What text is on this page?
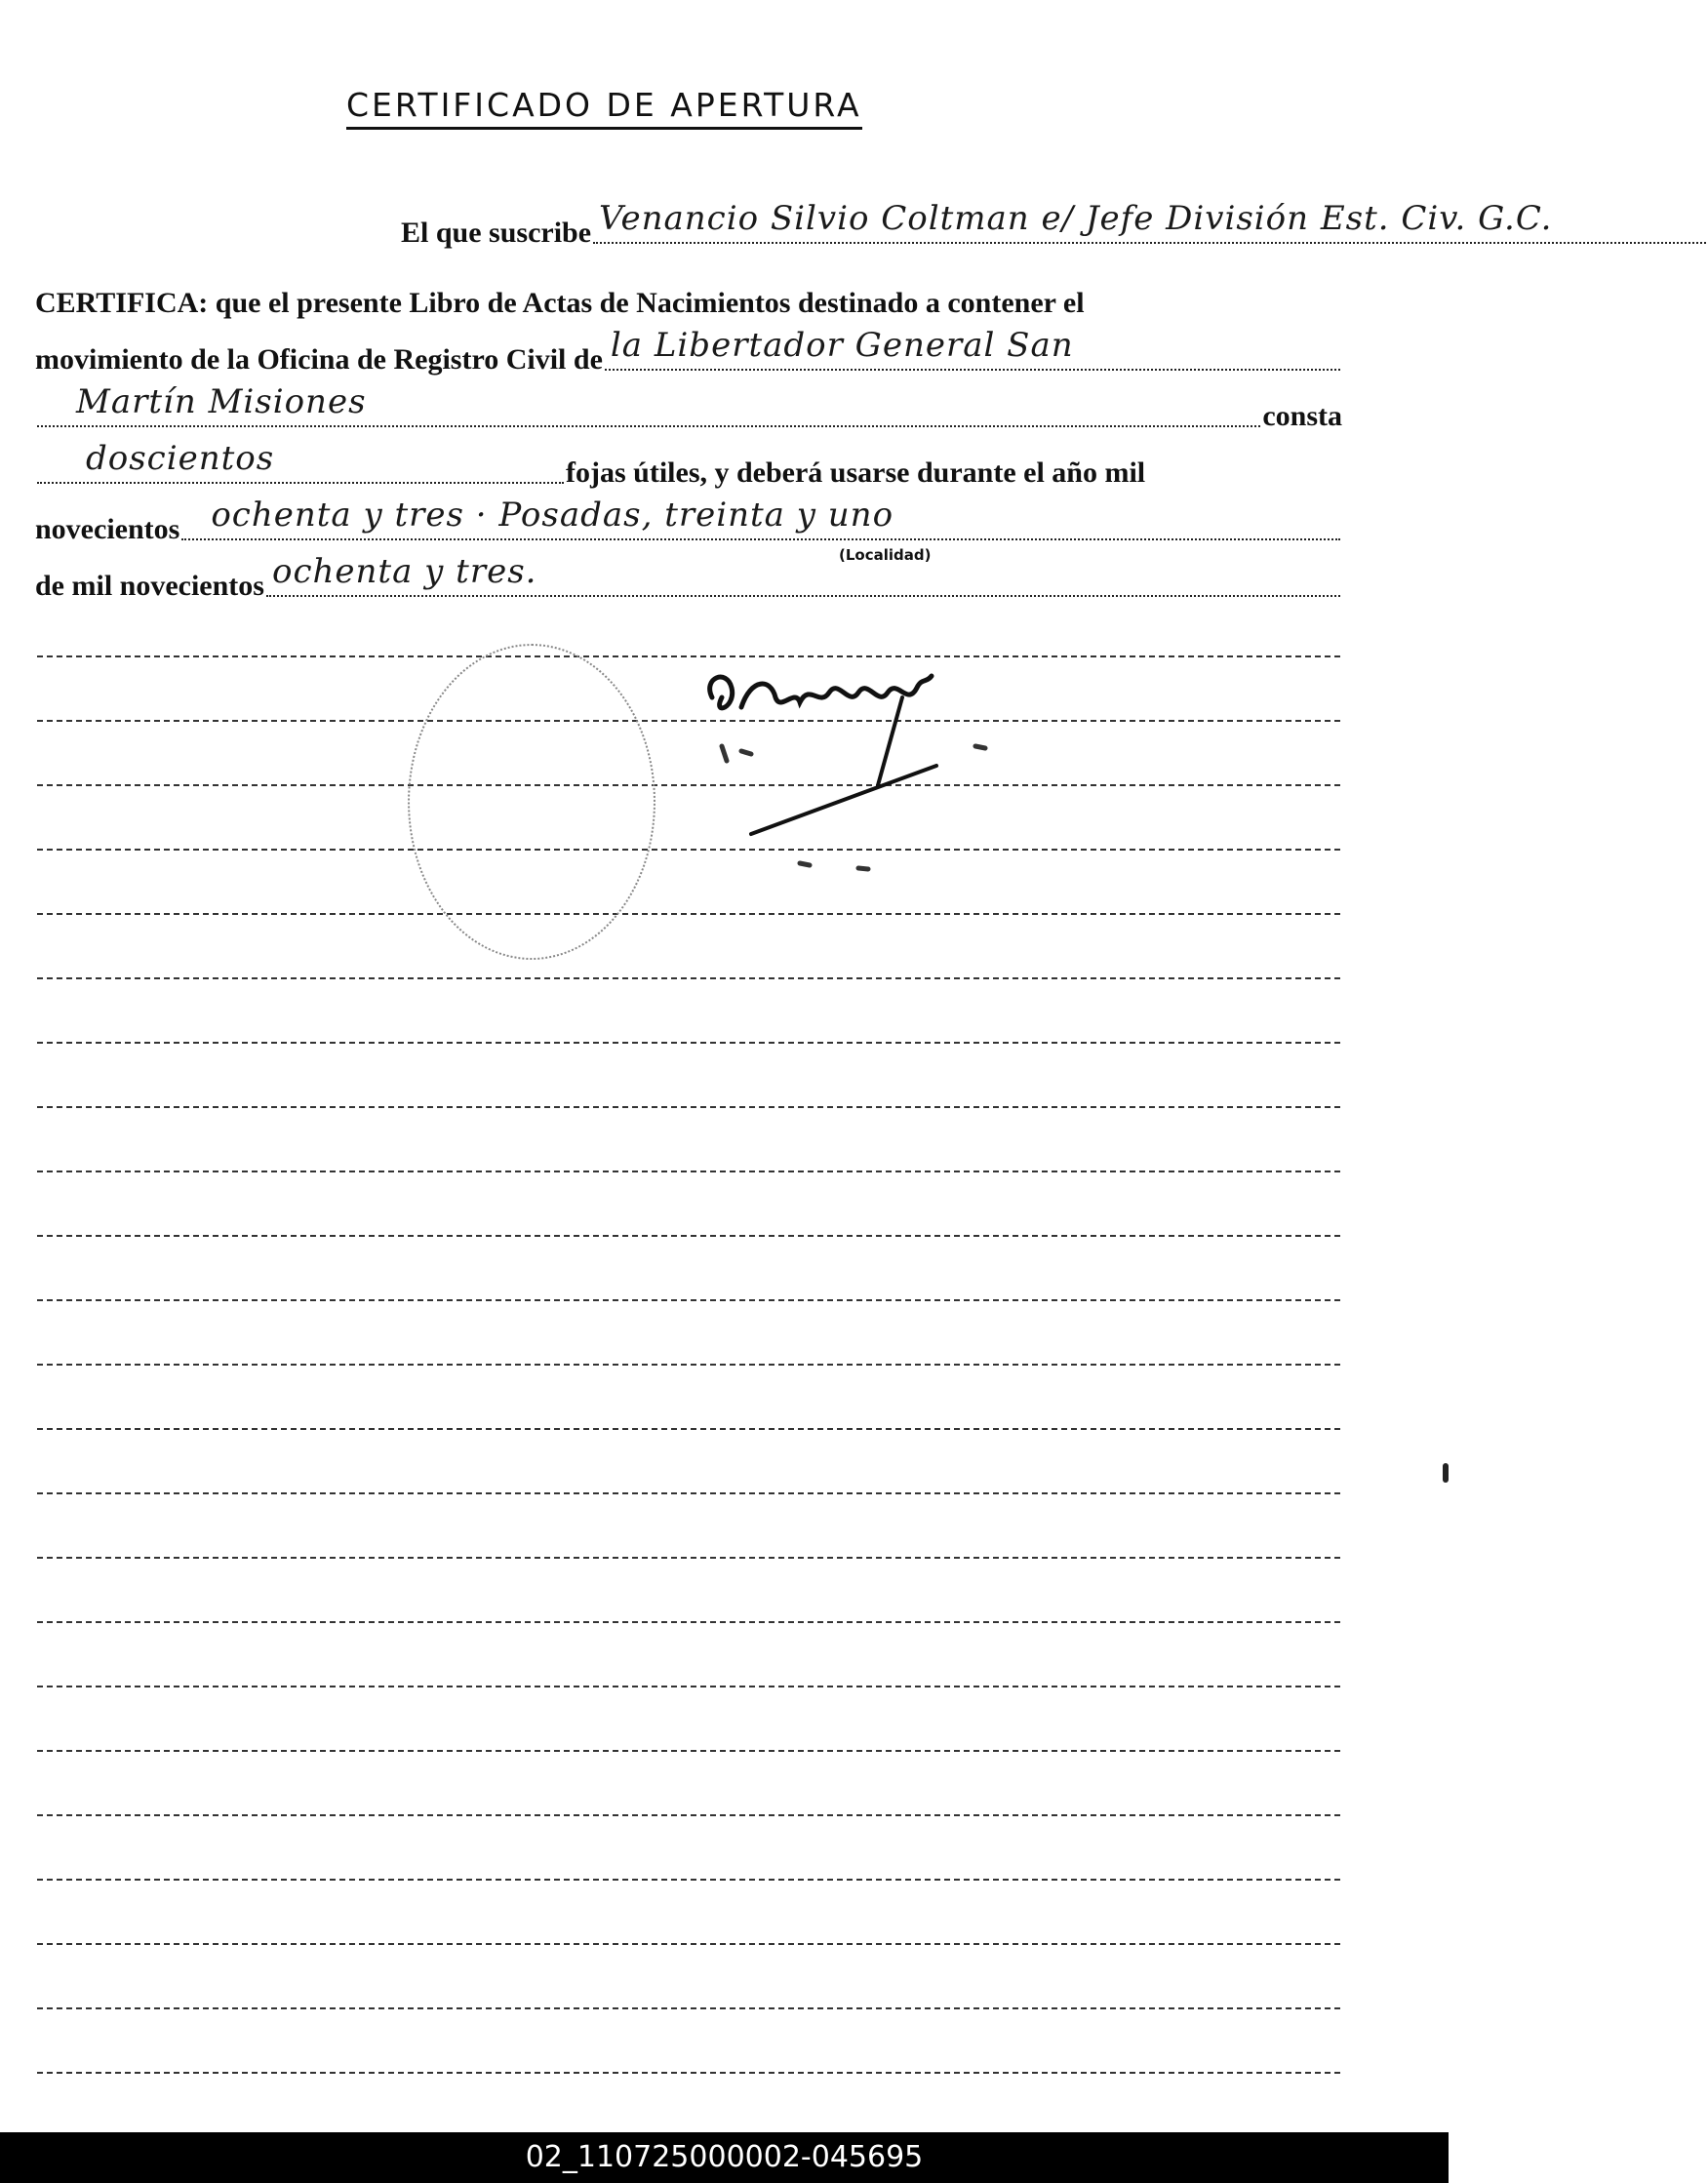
CERTIFICADO DE APERTURA
El que suscribe Venancio Silvio Coltman e/ Jefe División Est. Civ. G.C.
CERTIFICA: que el presente Libro de Actas de Nacimientos destinado a contener el
movimiento de la Oficina de Registro Civil de la Libertador General San
Martín Misiones	consta
doscientos	fojas útiles, y deberá usarse durante el año mil
novecientos ochenta y tres · Posadas, treinta y uno
(Localidad)
de mil novecientos ochenta y tres.
02_110725000002-045695
